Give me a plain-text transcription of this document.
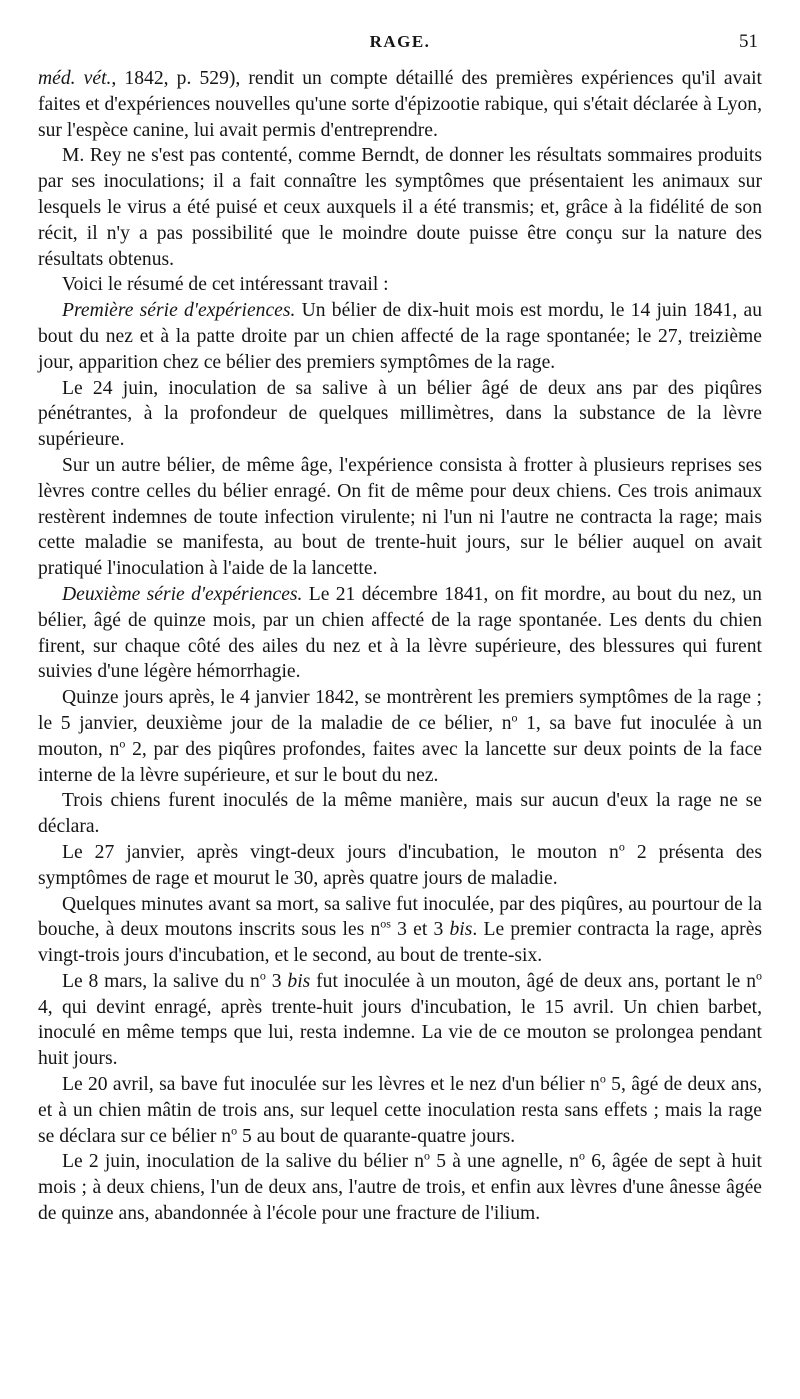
RAGE.	51

méd. vét., 1842, p. 529), rendit un compte détaillé des premières expériences qu'il avait faites et d'expériences nouvelles qu'une sorte d'épizootie rabique, qui s'était déclarée à Lyon, sur l'espèce canine, lui avait permis d'entreprendre.

M. Rey ne s'est pas contenté, comme Berndt, de donner les résultats sommaires produits par ses inoculations; il a fait connaître les symptômes que présentaient les animaux sur lesquels le virus a été puisé et ceux auxquels il a été transmis; et, grâce à la fidélité de son récit, il n'y a pas possibilité que le moindre doute puisse être conçu sur la nature des résultats obtenus.

Voici le résumé de cet intéressant travail :

Première série d'expériences. Un bélier de dix-huit mois est mordu, le 14 juin 1841, au bout du nez et à la patte droite par un chien affecté de la rage spontanée; le 27, treizième jour, apparition chez ce bélier des premiers symptômes de la rage.

Le 24 juin, inoculation de sa salive à un bélier âgé de deux ans par des piqûres pénétrantes, à la profondeur de quelques millimètres, dans la substance de la lèvre supérieure.

Sur un autre bélier, de même âge, l'expérience consista à frotter à plusieurs reprises ses lèvres contre celles du bélier enragé. On fit de même pour deux chiens. Ces trois animaux restèrent indemnes de toute infection virulente; ni l'un ni l'autre ne contracta la rage; mais cette maladie se manifesta, au bout de trente-huit jours, sur le bélier auquel on avait pratiqué l'inoculation à l'aide de la lancette.

Deuxième série d'expériences. Le 21 décembre 1841, on fit mordre, au bout du nez, un bélier, âgé de quinze mois, par un chien affecté de la rage spontanée. Les dents du chien firent, sur chaque côté des ailes du nez et à la lèvre supérieure, des blessures qui furent suivies d'une légère hémorrhagie.

Quinze jours après, le 4 janvier 1842, se montrèrent les premiers symptômes de la rage ; le 5 janvier, deuxième jour de la maladie de ce bélier, $n^o$ 1, sa bave fut inoculée à un mouton, $n^o$ 2, par des piqûres profondes, faites avec la lancette sur deux points de la face interne de la lèvre supérieure, et sur le bout du nez.

Trois chiens furent inoculés de la même manière, mais sur aucun d'eux la rage ne se déclara.

Le 27 janvier, après vingt-deux jours d'incubation, le mouton $n^o$ 2 présenta des symptômes de rage et mourut le 30, après quatre jours de maladie.

Quelques minutes avant sa mort, sa salive fut inoculée, par des piqûres, au pourtour de la bouche, à deux moutons inscrits sous les $n^{os}$ 3 et 3 bis. Le premier contracta la rage, après vingt-trois jours d'incubation, et le second, au bout de trente-six.

Le 8 mars, la salive du $n^o$ 3 bis fut inoculée à un mouton, âgé de deux ans, portant le $n^o$ 4, qui devint enragé, après trente-huit jours d'incubation, le 15 avril. Un chien barbet, inoculé en même temps que lui, resta indemne. La vie de ce mouton se prolongea pendant huit jours.

Le 20 avril, sa bave fut inoculée sur les lèvres et le nez d'un bélier $n^o$ 5, âgé de deux ans, et à un chien mâtin de trois ans, sur lequel cette inoculation resta sans effets ; mais la rage se déclara sur ce bélier $n^o$ 5 au bout de quarante-quatre jours.

Le 2 juin, inoculation de la salive du bélier $n^o$ 5 à une agnelle, $n^o$ 6, âgée de sept à huit mois ; à deux chiens, l'un de deux ans, l'autre de trois, et enfin aux lèvres d'une ânesse âgée de quinze ans, abandonnée à l'école pour une fracture de l'ilium.
